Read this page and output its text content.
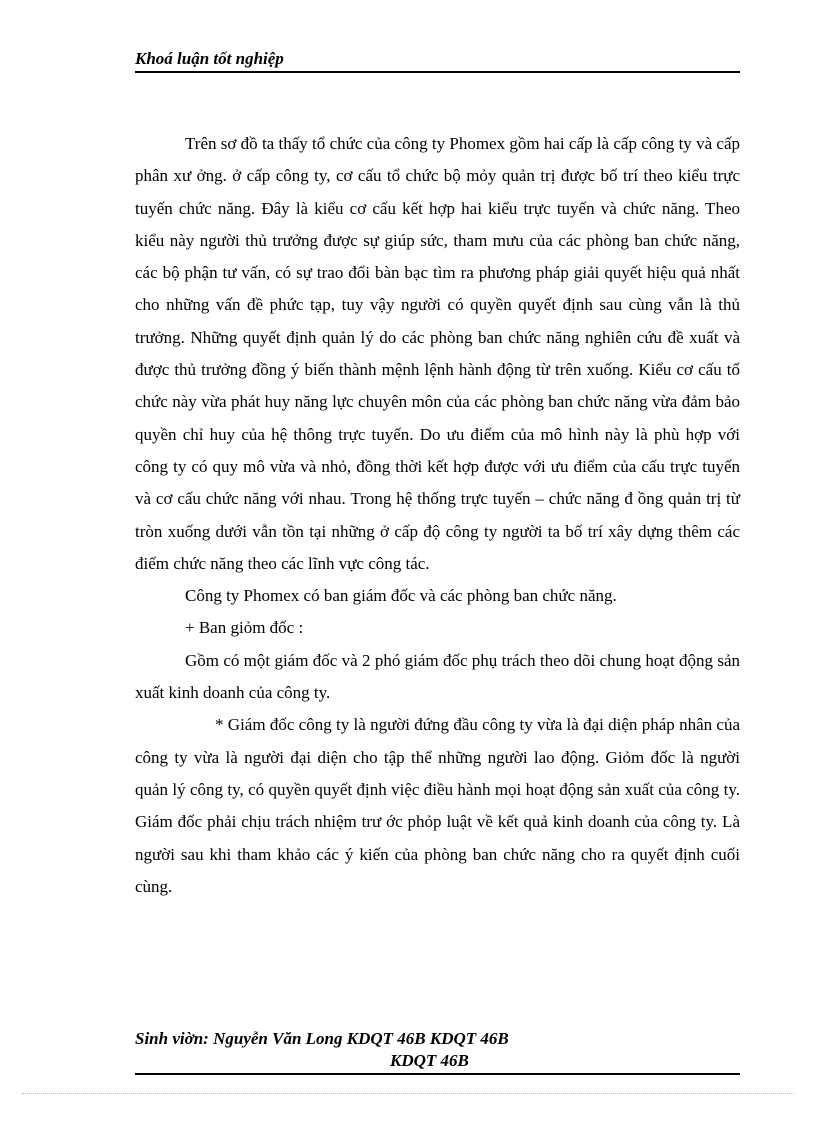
Khoá luận tốt nghiệp

Trên sơ đồ ta thấy tổ chức của công ty Phomex gồm hai cấp là cấp công ty và cấp phân xư ởng. ở cấp công ty, cơ cấu tổ chức bộ mỏy quản trị được bố trí theo kiểu trực tuyến chức năng. Đây là kiểu cơ cấu kết hợp hai kiểu trực tuyến và chức năng. Theo kiểu này người thủ trưởng được sự giúp sức, tham mưu của các phòng ban chức năng, các bộ phận tư vấn, có sự trao đổi bàn bạc tìm ra phương pháp giải quyết hiệu quả nhất cho những vấn đề phức tạp, tuy vậy người có quyền quyết định sau cùng vẫn là thủ trưởng. Những quyết định quản lý do các phòng ban chức năng nghiên cứu đề xuất và được thủ trưởng đồng ý biến thành mệnh lệnh hành động từ trên xuống. Kiểu cơ cấu tổ chức này vừa phát huy năng lực chuyên môn của các phòng ban chức năng vừa đảm bảo quyền chỉ huy của hệ thông trực tuyến. Do ưu điểm của mô hình này là phù hợp với công ty có quy mô vừa và nhỏ, đồng thời kết hợp được với ưu điểm của cấu trực tuyến và cơ cấu chức năng với nhau. Trong hệ thống trực tuyến – chức năng đ ồng quản trị từ tròn xuống dưới vẫn tồn tại những ở cấp độ công ty người ta bố trí xây dựng thêm các điểm chức năng theo các lĩnh vực công tác.

Công ty Phomex có ban giám đốc và các phòng ban chức năng.

+ Ban giỏm đốc :

Gồm có một giám đốc và 2 phó giám đốc phụ trách theo dõi chung hoạt động sản xuất kinh doanh của công ty.

* Giám đốc công ty là người đứng đầu công ty vừa là đại diện pháp nhân của công ty vừa là người đại diện cho tập thể những người lao động. Giỏm đốc là người quản lý công ty, có quyền quyết định việc điều hành mọi hoạt động sản xuất của công ty. Giám đốc phải chịu trách nhiệm trư ớc phỏp luật về kết quả kinh doanh của công ty. Là người sau khi tham khảo các ý kiến của phòng ban chức năng cho ra quyết định cuối cùng.

Sinh viờn: Nguyễn Văn Long KDQT 46B KDQT 46B
KDQT 46B
